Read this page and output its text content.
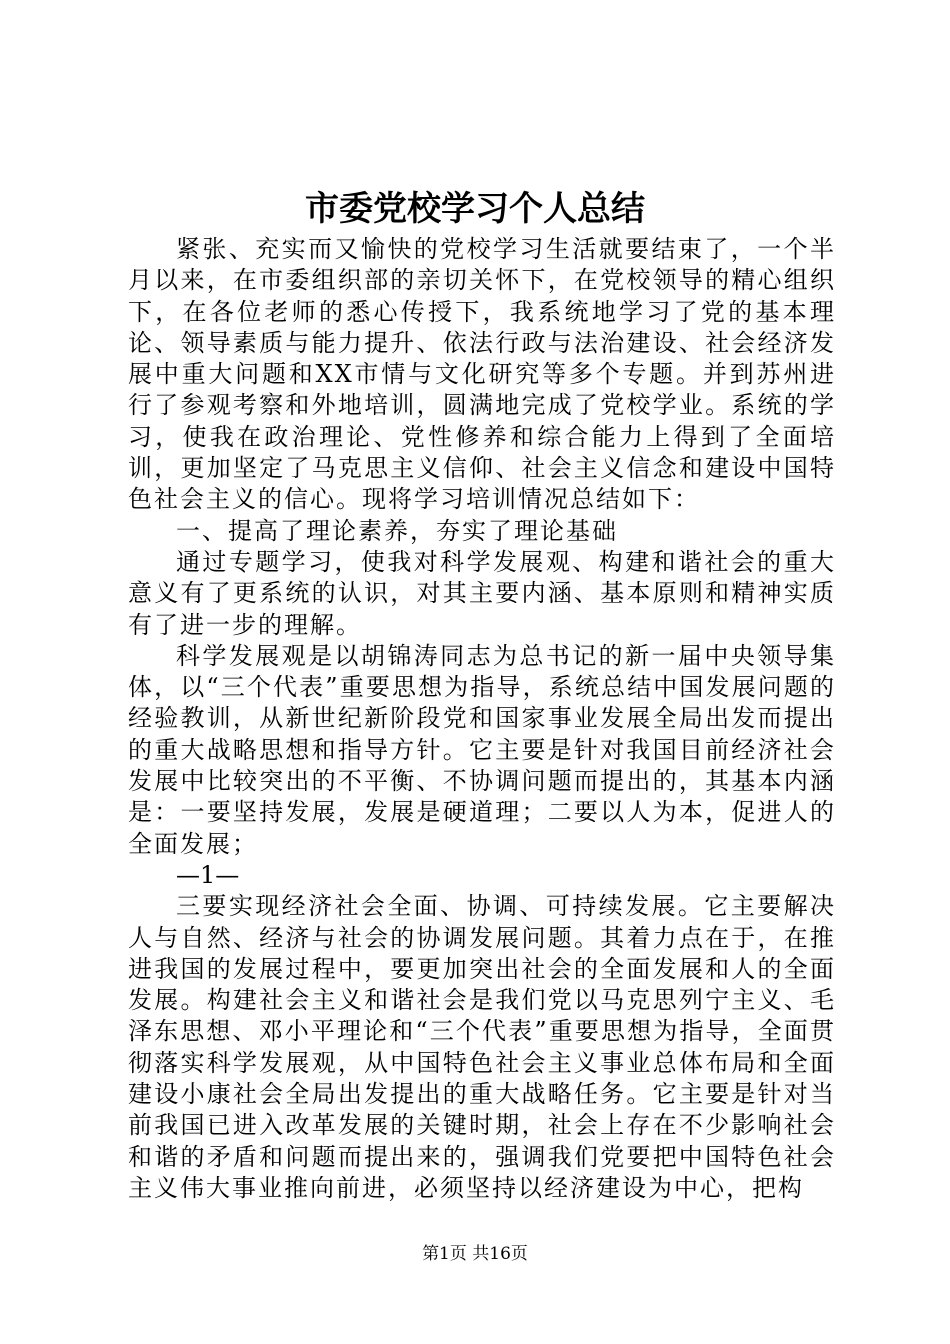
市委党校学习个人总结

紧张、充实而又愉快的党校学习生活就要结束了，一个半月以来，在市委组织部的亲切关怀下，在党校领导的精心组织下，在各位老师的悉心传授下，我系统地学习了党的基本理论、领导素质与能力提升、依法行政与法治建设、社会经济发展中重大问题和XX市情与文化研究等多个专题。并到苏州进行了参观考察和外地培训，圆满地完成了党校学业。系统的学习，使我在政治理论、党性修养和综合能力上得到了全面培训，更加坚定了马克思主义信仰、社会主义信念和建设中国特色社会主义的信心。现将学习培训情况总结如下：

一、提高了理论素养，夯实了理论基础

通过专题学习，使我对科学发展观、构建和谐社会的重大意义有了更系统的认识，对其主要内涵、基本原则和精神实质有了进一步的理解。

科学发展观是以胡锦涛同志为总书记的新一届中央领导集体，以“三个代表”重要思想为指导，系统总结中国发展问题的经验教训，从新世纪新阶段党和国家事业发展全局出发而提出的重大战略思想和指导方针。它主要是针对我国目前经济社会发展中比较突出的不平衡、不协调问题而提出的，其基本内涵是：一要坚持发展，发展是硬道理；二要以人为本，促进人的全面发展；

—1—

三要实现经济社会全面、协调、可持续发展。它主要解决人与自然、经济与社会的协调发展问题。其着力点在于，在推进我国的发展过程中，要更加突出社会的全面发展和人的全面发展。构建社会主义和谐社会是我们党以马克思列宁主义、毛泽东思想、邓小平理论和“三个代表”重要思想为指导，全面贯彻落实科学发展观，从中国特色社会主义事业总体布局和全面建设小康社会全局出发提出的重大战略任务。它主要是针对当前我国已进入改革发展的关键时期，社会上存在不少影响社会和谐的矛盾和问题而提出来的，强调我们党要把中国特色社会主义伟大事业推向前进，必须坚持以经济建设为中心，把构

第1页 共16页
